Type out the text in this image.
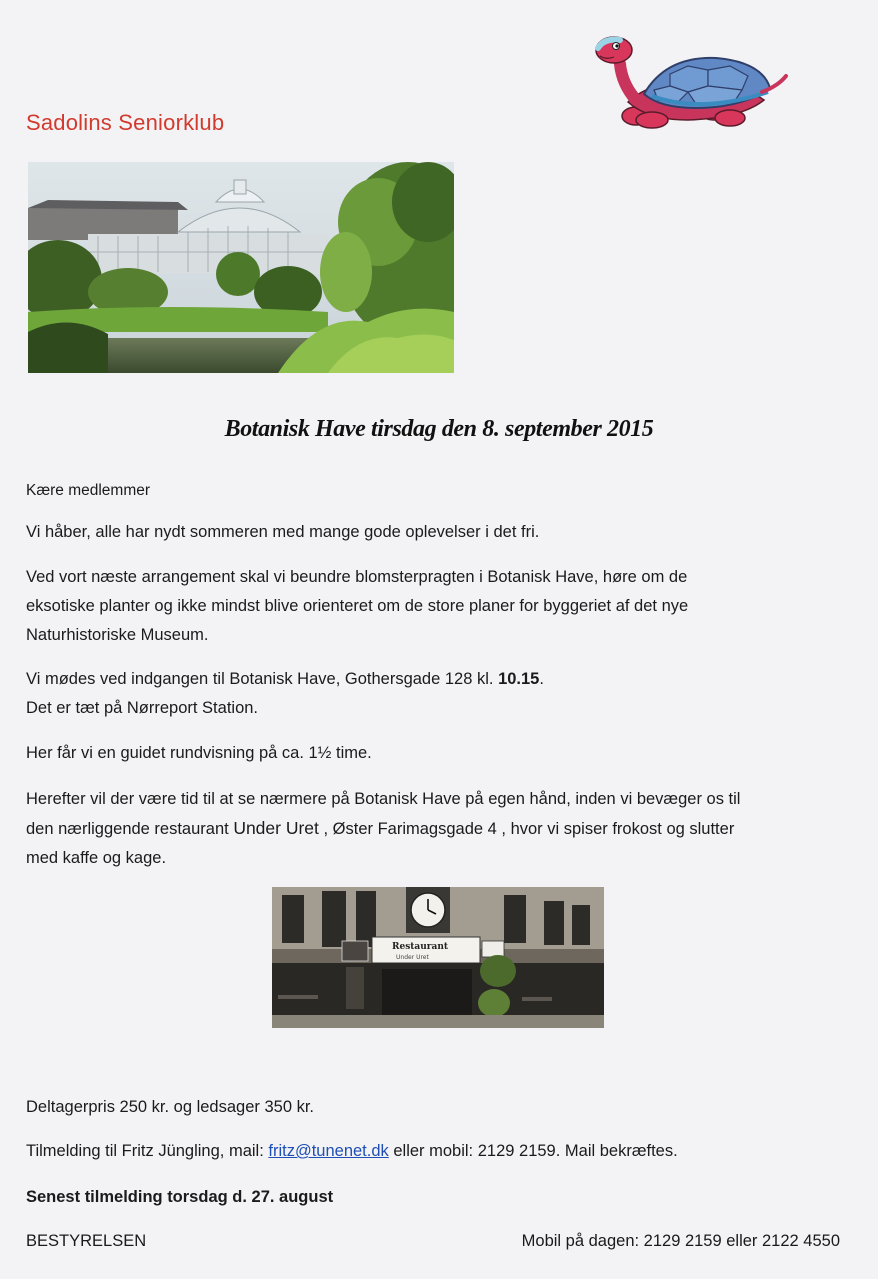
Sadolins Seniorklub
Botanisk Have tirsdag den 8. september 2015
Kære medlemmer
Vi håber, alle har nydt sommeren med mange gode oplevelser i det fri.
Ved vort næste arrangement skal vi beundre blomsterpragten i Botanisk Have, høre om de
eksotiske planter og ikke mindst blive orienteret om de store planer for byggeriet af det nye
Naturhistoriske Museum.
Vi mødes ved indgangen til Botanisk Have, Gothersgade 128 kl. 10.15.
Det er tæt på Nørreport Station.
Her får vi en guidet rundvisning på ca. 1½ time.
Herefter vil der være tid til at se nærmere på Botanisk Have på egen hånd, inden vi bevæger os til
den nærliggende restaurant Under Uret , Øster Farimagsgade 4 , hvor vi spiser frokost og slutter
med kaffe og kage.
Restaurant
Under Uret
Deltagerpris 250 kr. og ledsager 350 kr.
Tilmelding til Fritz Jüngling, mail: fritz@tunenet.dk eller mobil: 2129 2159. Mail bekræftes.
Senest tilmelding torsdag d. 27. august
BESTYRELSEN	Mobil på dagen: 2129 2159 eller 2122 4550
